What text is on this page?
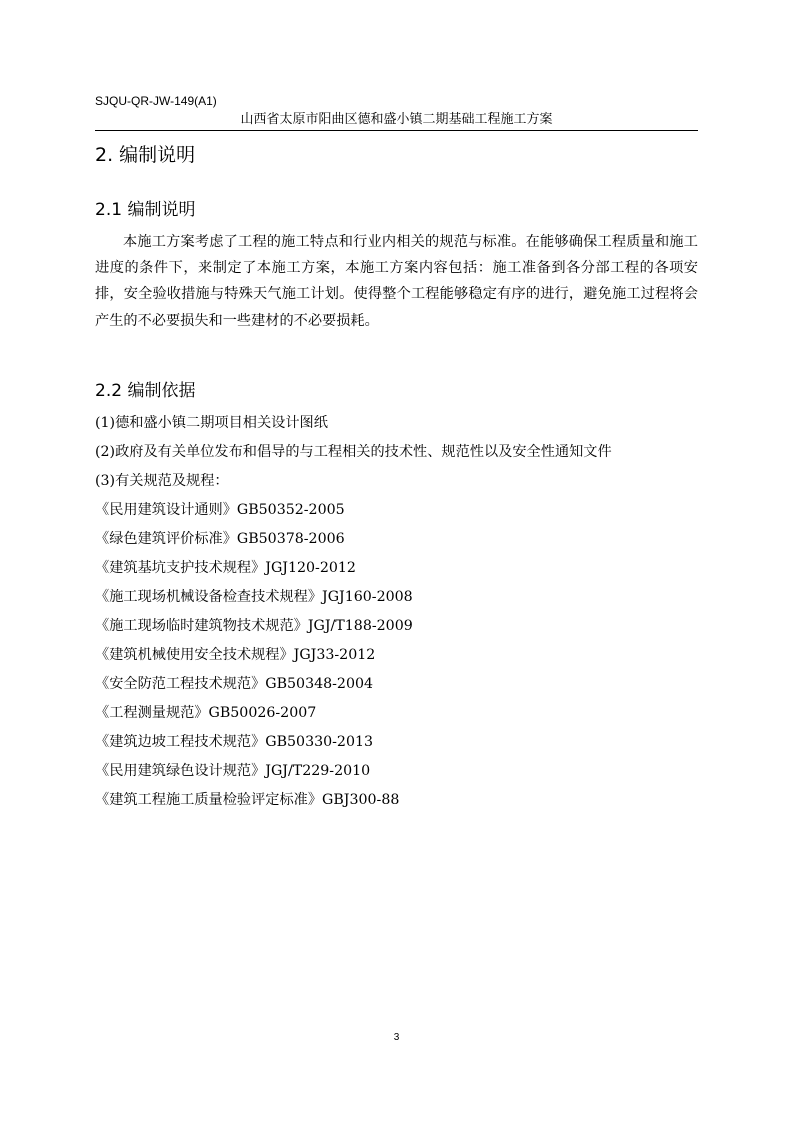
SJQU-QR-JW-149(A1)
山西省太原市阳曲区德和盛小镇二期基础工程施工方案
2. 编制说明
2.1 编制说明
本施工方案考虑了工程的施工特点和行业内相关的规范与标准。在能够确保工程质量和施工进度的条件下，来制定了本施工方案，本施工方案内容包括：施工准备到各分部工程的各项安排，安全验收措施与特殊天气施工计划。使得整个工程能够稳定有序的进行，避免施工过程将会产生的不必要损失和一些建材的不必要损耗。
2.2 编制依据
(1)德和盛小镇二期项目相关设计图纸
(2)政府及有关单位发布和倡导的与工程相关的技术性、规范性以及安全性通知文件
(3)有关规范及规程：
《民用建筑设计通则》GB50352-2005
《绿色建筑评价标准》GB50378-2006
《建筑基坑支护技术规程》JGJ120-2012
《施工现场机械设备检查技术规程》JGJ160-2008
《施工现场临时建筑物技术规范》JGJ/T188-2009
《建筑机械使用安全技术规程》JGJ33-2012
《安全防范工程技术规范》GB50348-2004
《工程测量规范》GB50026-2007
《建筑边坡工程技术规范》GB50330-2013
《民用建筑绿色设计规范》JGJ/T229-2010
《建筑工程施工质量检验评定标准》GBJ300-88
3
